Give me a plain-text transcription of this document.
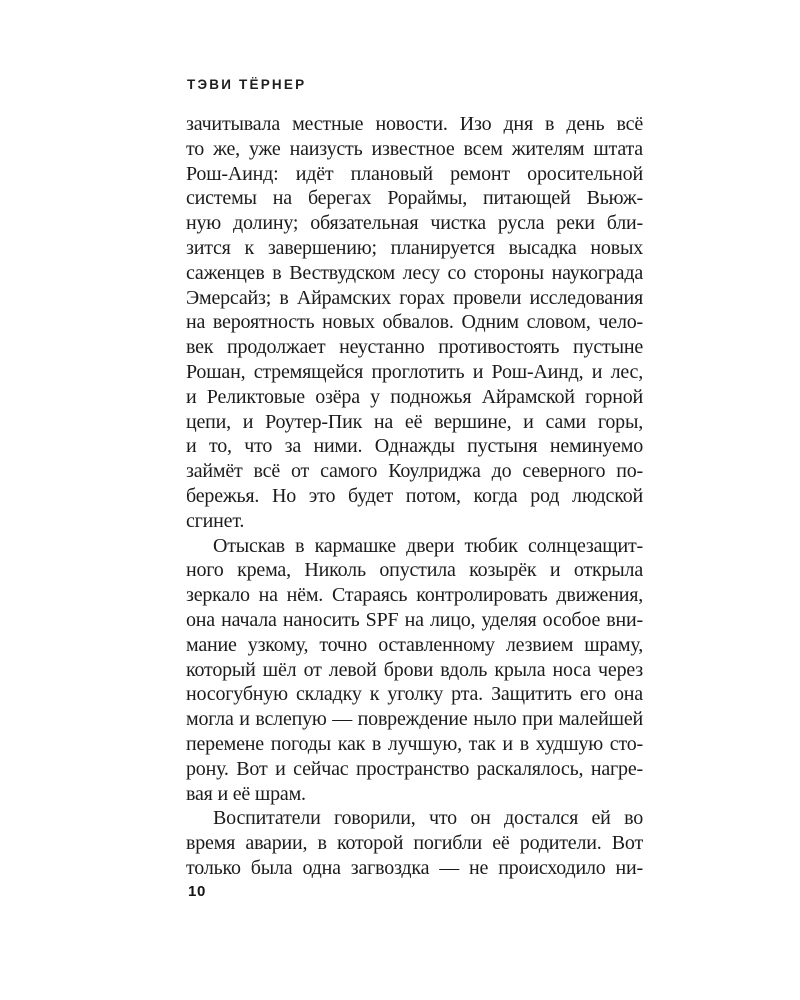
ТЭВИ ТЁРНЕР
зачитывала местные новости. Изо дня в день всё
то же, уже наизусть известное всем жителям штата
Рош-Аинд: идёт плановый ремонт оросительной
системы на берегах Рораймы, питающей Вьюж-
ную долину; обязательная чистка русла реки бли-
зится к завершению; планируется высадка новых
саженцев в Вествудском лесу со стороны наукограда
Эмерсайз; в Айрамских горах провели исследования
на вероятность новых обвалов. Одним словом, чело-
век продолжает неустанно противостоять пустыне
Рошан, стремящейся проглотить и Рош-Аинд, и лес,
и Реликтовые озёра у подножья Айрамской горной
цепи, и Роутер-Пик на её вершине, и сами горы,
и то, что за ними. Однажды пустыня неминуемо
займёт всё от самого Коулриджа до северного по-
бережья. Но это будет потом, когда род людской
сгинет.
Отыскав в кармашке двери тюбик солнцезащит-
ного крема, Николь опустила козырёк и открыла
зеркало на нём. Стараясь контролировать движения,
она начала наносить SPF на лицо, уделяя особое вни-
мание узкому, точно оставленному лезвием шраму,
который шёл от левой брови вдоль крыла носа через
носогубную складку к уголку рта. Защитить его она
могла и вслепую — повреждение ныло при малейшей
перемене погоды как в лучшую, так и в худшую сто-
рону. Вот и сейчас пространство раскалялось, нагре-
вая и её шрам.
Воспитатели говорили, что он достался ей во
время аварии, в которой погибли её родители. Вот
только была одна загвоздка — не происходило ни-
10
